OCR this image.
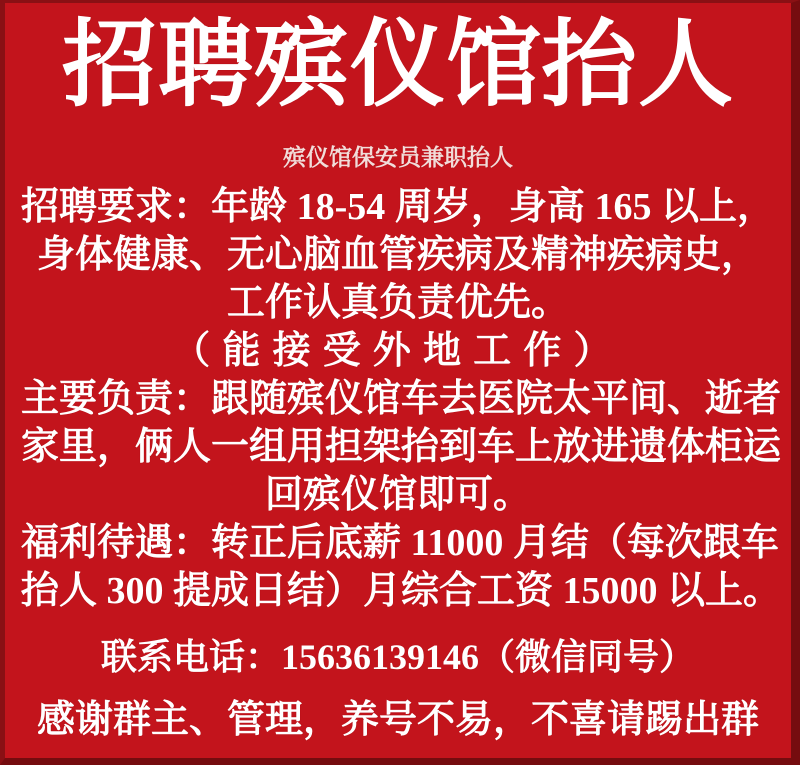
招聘殡仪馆抬人
殡仪馆保安员兼职抬人
招聘要求：年龄 18-54 周岁，身高 165 以上，
身体健康、无心脑血管疾病及精神疾病史，
工作认真负责优先。
（能接受外地工作）
主要负责：跟随殡仪馆车去医院太平间、逝者
家里，俩人一组用担架抬到车上放进遗体柜运
回殡仪馆即可。
福利待遇：转正后底薪 11000 月结（每次跟车
抬人 300 提成日结）月综合工资 15000 以上。
联系电话：15636139146（微信同号）
感谢群主、管理，养号不易，不喜请踢出群
